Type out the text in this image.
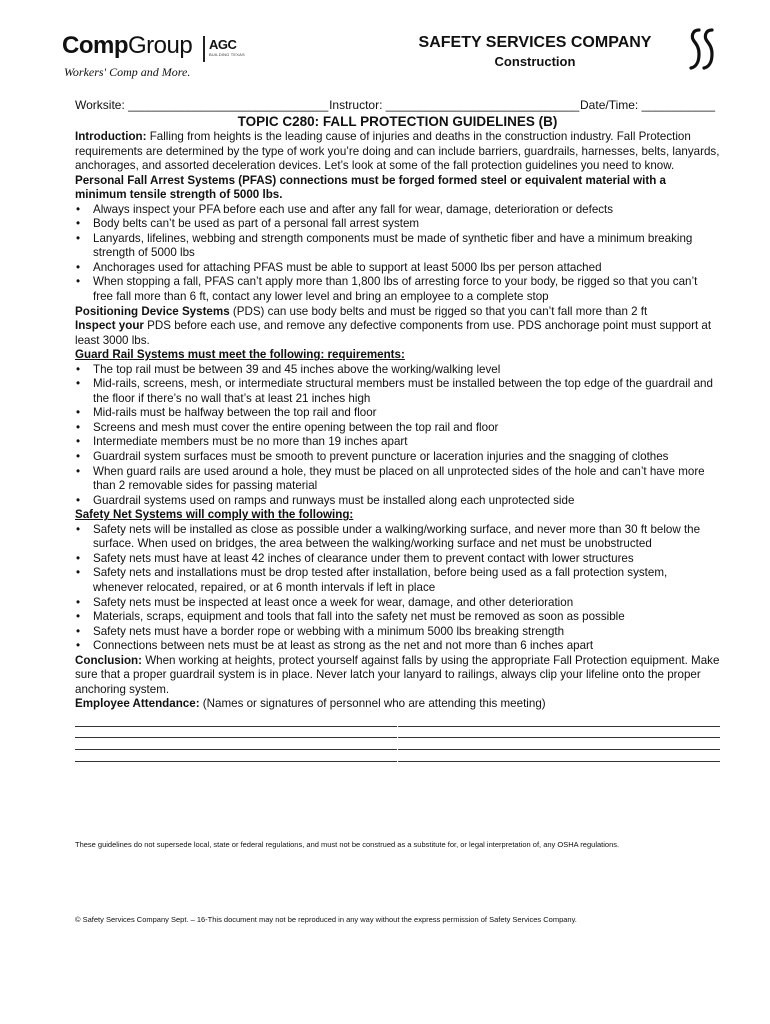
CompGroup AGC
BUILDING TEXAS
Workers' Comp and More.
SAFETY SERVICES COMPANY
Construction
Worksite: ______________________________ Instructor: _____________________________ Date/Time: ___________

TOPIC C280: FALL PROTECTION GUIDELINES (B)

Introduction: Falling from heights is the leading cause of injuries and deaths in the construction industry. Fall Protection requirements are determined by the type of work you’re doing and can include barriers, guardrails, harnesses, belts, lanyards, anchorages, and assorted deceleration devices. Let’s look at some of the fall protection guidelines you need to know.

Personal Fall Arrest Systems (PFAS) connections must be forged formed steel or equivalent material with a minimum tensile strength of 5000 lbs.

• Always inspect your PFA before each use and after any fall for wear, damage, deterioration or defects
• Body belts can’t be used as part of a personal fall arrest system
• Lanyards, lifelines, webbing and strength components must be made of synthetic fiber and have a minimum breaking strength of 5000 lbs
• Anchorages used for attaching PFAS must be able to support at least 5000 lbs per person attached
• When stopping a fall, PFAS can’t apply more than 1,800 lbs of arresting force to your body, be rigged so that you can’t free fall more than 6 ft, contact any lower level and bring an employee to a complete stop

Positioning Device Systems (PDS) can use body belts and must be rigged so that you can’t fall more than 2 ft
Inspect your PDS before each use, and remove any defective components from use. PDS anchorage point must support at least 3000 lbs.

Guard Rail Systems must meet the following: requirements:

• The top rail must be between 39 and 45 inches above the working/walking level
• Mid-rails, screens, mesh, or intermediate structural members must be installed between the top edge of the guardrail and the floor if there’s no wall that’s at least 21 inches high
• Mid-rails must be halfway between the top rail and floor
• Screens and mesh must cover the entire opening between the top rail and floor
• Intermediate members must be no more than 19 inches apart
• Guardrail system surfaces must be smooth to prevent puncture or laceration injuries and the snagging of clothes
• When guard rails are used around a hole, they must be placed on all unprotected sides of the hole and can’t have more than 2 removable sides for passing material
• Guardrail systems used on ramps and runways must be installed along each unprotected side

Safety Net Systems will comply with the following:

• Safety nets will be installed as close as possible under a walking/working surface, and never more than 30 ft below the surface. When used on bridges, the area between the walking/working surface and net must be unobstructed
• Safety nets must have at least 42 inches of clearance under them to prevent contact with lower structures
• Safety nets and installations must be drop tested after installation, before being used as a fall protection system, whenever relocated, repaired, or at 6 month intervals if left in place
• Safety nets must be inspected at least once a week for wear, damage, and other deterioration
• Materials, scraps, equipment and tools that fall into the safety net must be removed as soon as possible
• Safety nets must have a border rope or webbing with a minimum 5000 lbs breaking strength
• Connections between nets must be at least as strong as the net and not more than 6 inches apart

Conclusion: When working at heights, protect yourself against falls by using the appropriate Fall Protection equipment. Make sure that a proper guardrail system is in place. Never latch your lanyard to railings, always clip your lifeline onto the proper anchoring system.

Employee Attendance: (Names or signatures of personnel who are attending this meeting)

These guidelines do not supersede local, state or federal regulations, and must not be construed as a substitute for, or legal interpretation of, any OSHA regulations.
© Safety Services Company Sept. – 16-This document may not be reproduced in any way without the express permission of Safety Services Company.
